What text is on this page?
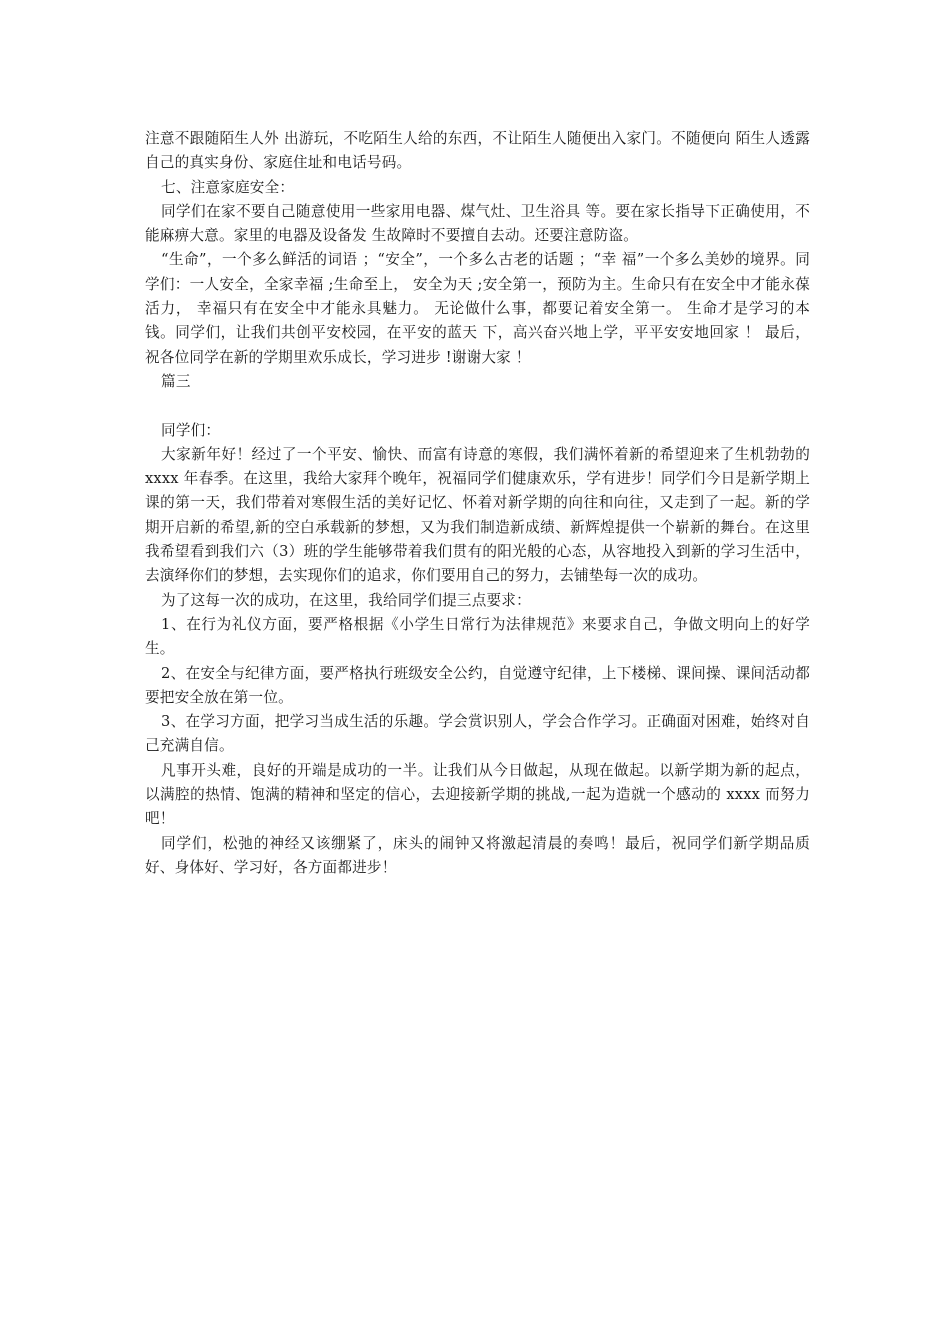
注意不跟随陌生人外 出游玩，不吃陌生人给的东西，不让陌生人随便出入家门。不随便向 陌生人透露自己的真实身份、家庭住址和电话号码。

七、注意家庭安全：

同学们在家不要自己随意使用一些家用电器、煤气灶、卫生浴具 等。要在家长指导下正确使用，不能麻痹大意。家里的电器及设备发 生故障时不要擅自去动。还要注意防盗。

“生命”，一个多么鲜活的词语 ；“安全”，一个多么古老的话题 ；“幸 福”一个多么美妙的境界。同学们：一人安全，全家幸福 ;生命至上， 安全为天 ;安全第一，预防为主。生命只有在安全中才能永葆活力， 幸福只有在安全中才能永具魅力。 无论做什么事，都要记着安全第一。 生命才是学习的本钱。同学们，让我们共创平安校园，在平安的蓝天 下，高兴奋兴地上学，平平安安地回家 ！ 最后，祝各位同学在新的学期里欢乐成长，学习进步 !谢谢大家 ！

篇三

同学们：

大家新年好！经过了一个平安、愉快、而富有诗意的寒假，我们满怀着新的希望迎来了生机勃勃的 xxxx 年春季。在这里，我给大家拜个晚年，祝福同学们健康欢乐，学有进步！同学们今日是新学期上课的第一天，我们带着对寒假生活的美好记忆、怀着对新学期的向往和向往，又走到了一起。新的学期开启新的希望,新的空白承载新的梦想，又为我们制造新成绩、新辉煌提供一个崭新的舞台。在这里我希望看到我们六（3）班的学生能够带着我们贯有的阳光般的心态，从容地投入到新的学习生活中，去演绎你们的梦想，去实现你们的追求，你们要用自己的努力，去铺垫每一次的成功。

为了这每一次的成功，在这里，我给同学们提三点要求：

1、在行为礼仪方面，要严格根据《小学生日常行为法律规范》来要求自己，争做文明向上的好学生。

2、在安全与纪律方面，要严格执行班级安全公约，自觉遵守纪律，上下楼梯、课间操、课间活动都要把安全放在第一位。

3、在学习方面，把学习当成生活的乐趣。学会赏识别人，学会合作学习。正确面对困难，始终对自己充满自信。

凡事开头难，良好的开端是成功的一半。让我们从今日做起，从现在做起。以新学期为新的起点，以满腔的热情、饱满的精神和坚定的信心，去迎接新学期的挑战,一起为造就一个感动的 xxxx 而努力吧！

同学们，松弛的神经又该绷紧了，床头的闹钟又将激起清晨的奏鸣！最后，祝同学们新学期品质好、身体好、学习好，各方面都进步！
